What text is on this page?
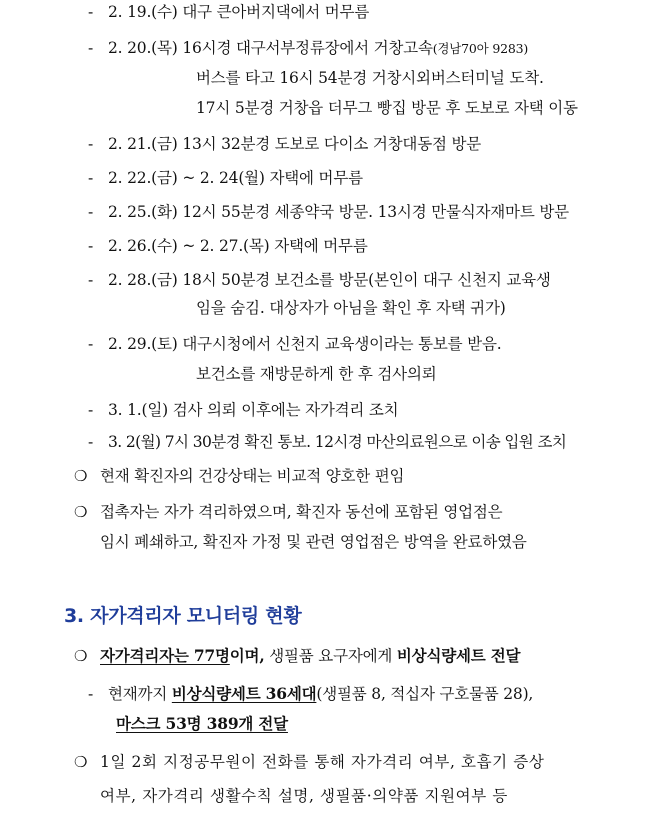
- 2. 19.(수) 대구 큰아버지댁에서 머무름
- 2. 20.(목) 16시경 대구서부정류장에서 거창고속(경남70아 9283)
버스를 타고 16시 54분경 거창시외버스터미널 도착.
17시 5분경 거창읍 더무그 빵집 방문 후 도보로 자택 이동
- 2. 21.(금) 13시 32분경 도보로 다이소 거창대동점 방문
- 2. 22.(금) ~ 2. 24(월) 자택에 머무름
- 2. 25.(화) 12시 55분경 세종약국 방문. 13시경 만물식자재마트 방문
- 2. 26.(수) ~ 2. 27.(목) 자택에 머무름
- 2. 28.(금) 18시 50분경 보건소를 방문(본인이 대구 신천지 교육생
임을 숨김. 대상자가 아님을 확인 후 자택 귀가)
- 2. 29.(토) 대구시청에서 신천지 교육생이라는 통보를 받음.
보건소를 재방문하게 한 후 검사의뢰
- 3. 1.(일) 검사 의뢰 이후에는 자가격리 조치
- 3. 2(월) 7시 30분경 확진 통보. 12시경 마산의료원으로 이송 입원 조치
❍ 현재 확진자의 건강상태는 비교적 양호한 편임
❍ 접촉자는 자가 격리하였으며, 확진자 동선에 포함된 영업점은
임시 폐쇄하고, 확진자 가정 및 관련 영업점은 방역을 완료하였음
3. 자가격리자 모니터링 현황
❍ 자가격리자는 77명이며, 생필품 요구자에게 비상식량세트 전달
- 현재까지 비상식량세트 36세대(생필품 8, 적십자 구호물품 28),
마스크 53명 389개 전달
❍ 1일 2회 지정공무원이 전화를 통해 자가격리 여부, 호흡기 증상
여부, 자가격리 생활수칙 설명, 생필품·의약품 지원여부 등
